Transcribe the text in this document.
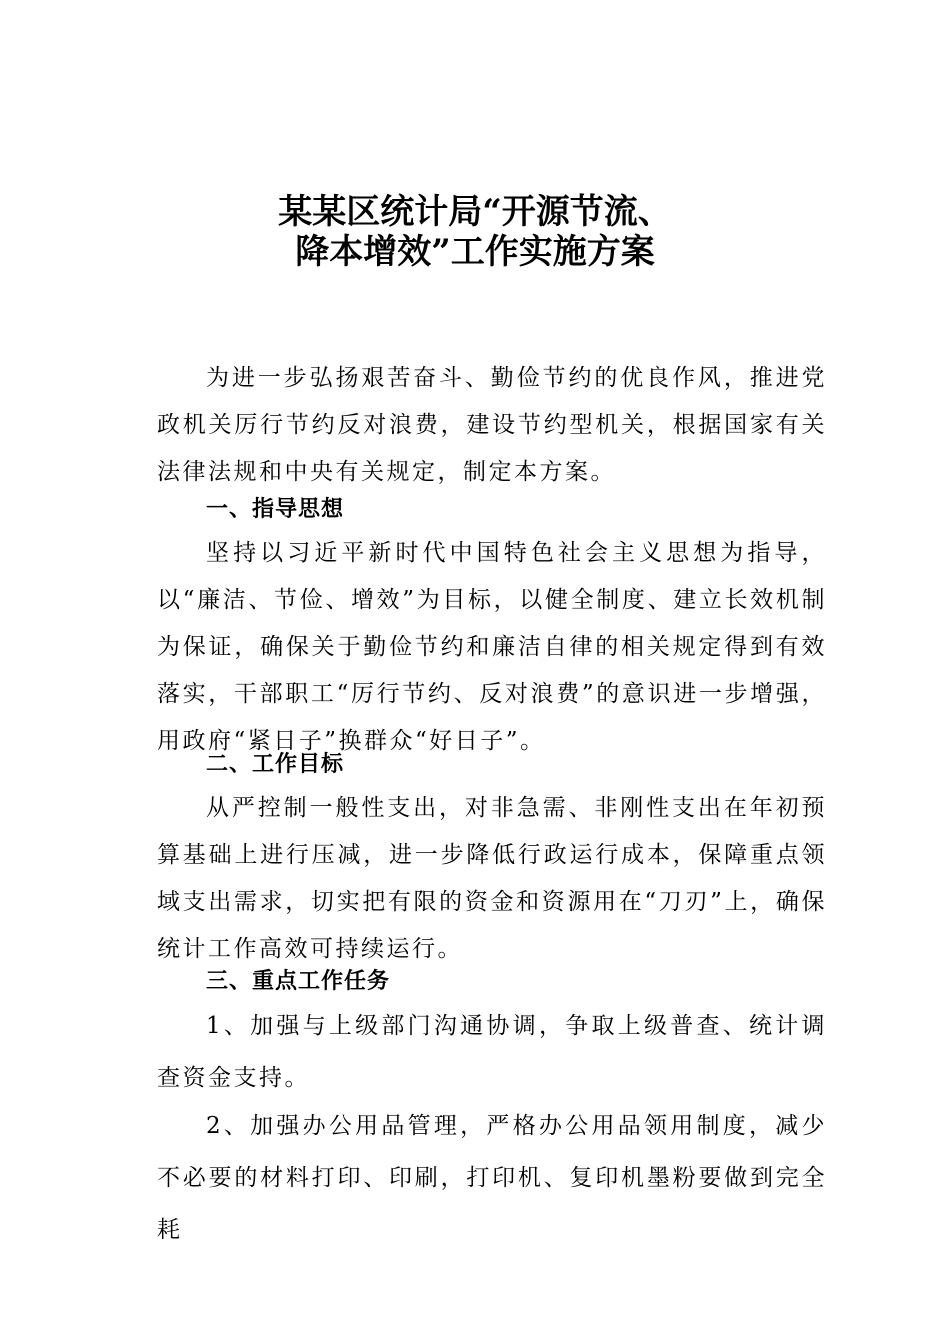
某某区统计局“开源节流、
降本增效”工作实施方案

为进一步弘扬艰苦奋斗、勤俭节约的优良作风，推进党政机关厉行节约反对浪费，建设节约型机关，根据国家有关法律法规和中央有关规定，制定本方案。

一、指导思想

坚持以习近平新时代中国特色社会主义思想为指导，以“廉洁、节俭、增效”为目标，以健全制度、建立长效机制为保证，确保关于勤俭节约和廉洁自律的相关规定得到有效落实，干部职工“厉行节约、反对浪费”的意识进一步增强，用政府“紧日子”换群众“好日子”。

二、工作目标

从严控制一般性支出，对非急需、非刚性支出在年初预算基础上进行压减，进一步降低行政运行成本，保障重点领域支出需求，切实把有限的资金和资源用在“刀刃”上，确保统计工作高效可持续运行。

三、重点工作任务

1、加强与上级部门沟通协调，争取上级普查、统计调查资金支持。

2、加强办公用品管理，严格办公用品领用制度，减少不必要的材料打印、印刷，打印机、复印机墨粉要做到完全耗
